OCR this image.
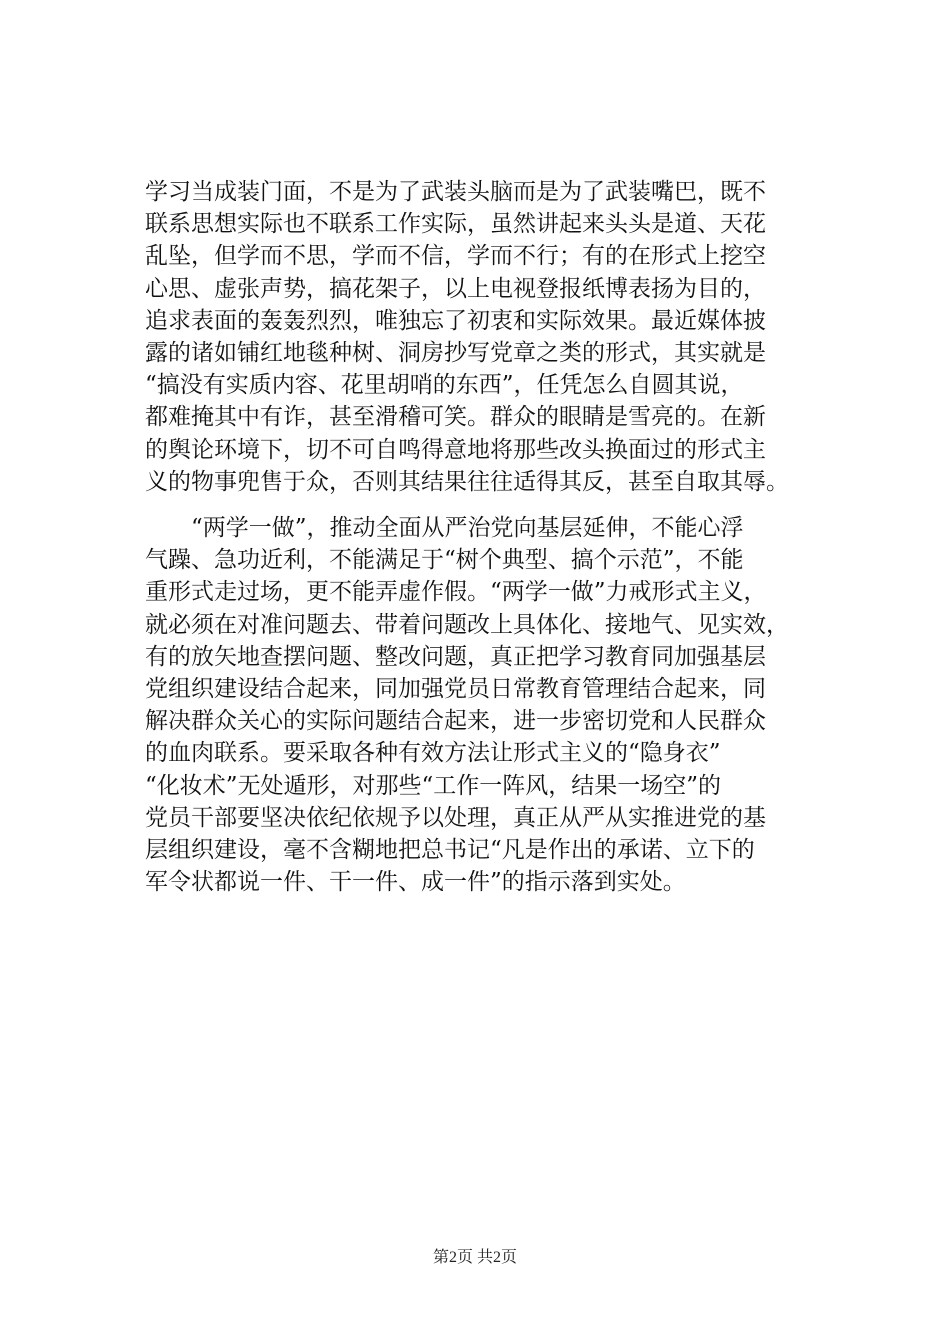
学习当成装门面，不是为了武装头脑而是为了武装嘴巴，既不
联系思想实际也不联系工作实际，虽然讲起来头头是道、天花
乱坠，但学而不思，学而不信，学而不行；有的在形式上挖空
心思、虚张声势，搞花架子，以上电视登报纸博表扬为目的，
追求表面的轰轰烈烈，唯独忘了初衷和实际效果。最近媒体披
露的诸如铺红地毯种树、洞房抄写党章之类的形式，其实就是
“搞没有实质内容、花里胡哨的东西”，任凭怎么自圆其说，
都难掩其中有诈，甚至滑稽可笑。群众的眼睛是雪亮的。在新
的舆论环境下，切不可自鸣得意地将那些改头换面过的形式主
义的物事兜售于众，否则其结果往往适得其反，甚至自取其辱。
　　“两学一做”，推动全面从严治党向基层延伸，不能心浮
气躁、急功近利，不能满足于“树个典型、搞个示范”，不能
重形式走过场，更不能弄虚作假。“两学一做”力戒形式主义，
就必须在对准问题去、带着问题改上具体化、接地气、见实效，
有的放矢地查摆问题、整改问题，真正把学习教育同加强基层
党组织建设结合起来，同加强党员日常教育管理结合起来，同
解决群众关心的实际问题结合起来，进一步密切党和人民群众
的血肉联系。要采取各种有效方法让形式主义的“隐身衣”
“化妆术”无处遁形，对那些“工作一阵风，结果一场空”的
党员干部要坚决依纪依规予以处理，真正从严从实推进党的基
层组织建设，毫不含糊地把总书记“凡是作出的承诺、立下的
军令状都说一件、干一件、成一件”的指示落到实处。
第2页 共2页
